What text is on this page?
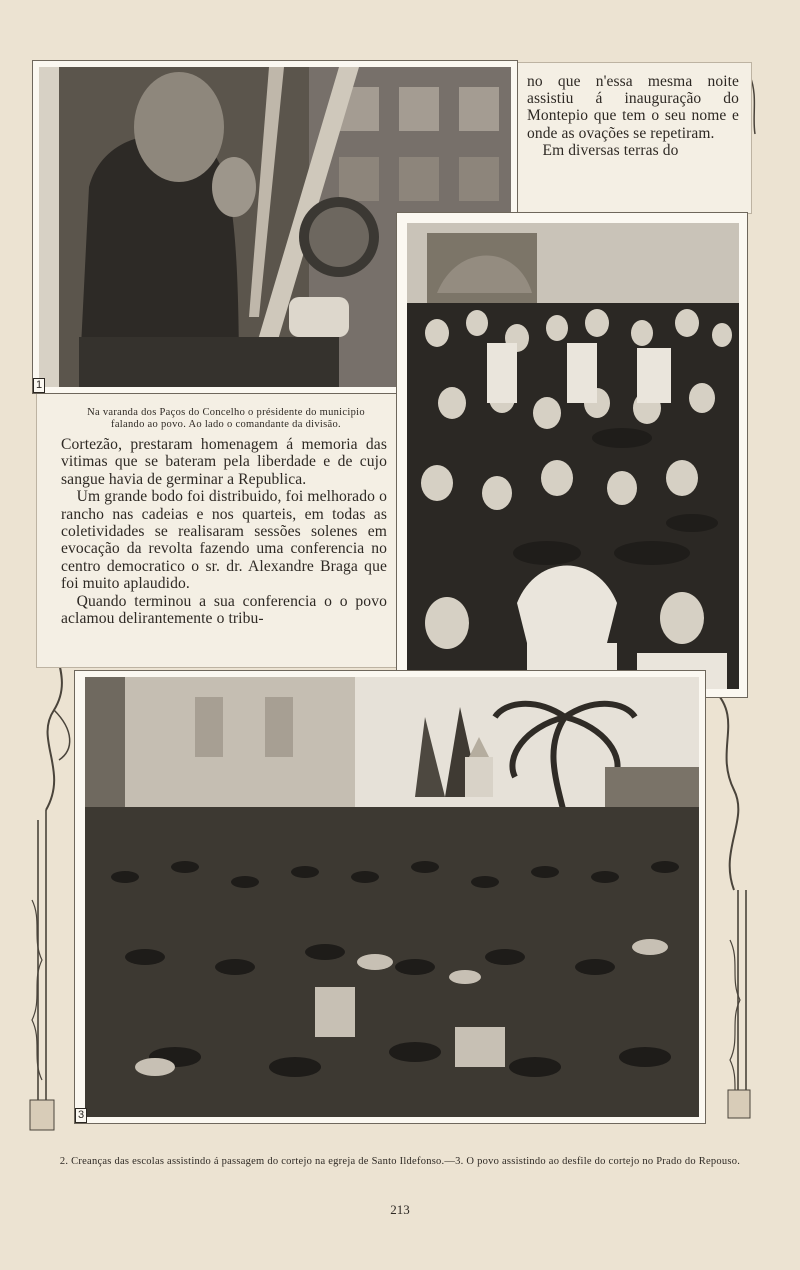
no que n'essa mesma noite assistiu á inauguração do Montepio que tem o seu nome e onde as ovações se repetiram.

Em diversas terras do

Na varanda dos Paços do Concelho o présidente do municipio falando ao povo. Ao lado o comandante da divisão.

Cortezão, prestaram homenagem á memoria das vitimas que se bateram pela liberdade e de cujo sangue havia de germinar a Republica.

Um grande bodo foi distribuido, foi melhorado o rancho nas cadeias e nos quarteis, em todas as coletividades se realisaram sessões solenes em evocação da revolta fazendo uma conferencia no centro democratico o sr. dr. Alexandre Braga que foi muito aplaudido.

Quando terminou a sua conferencia o o povo aclamou delirantemente o tribu-

1
3
2. Creanças das escolas assistindo á passagem do cortejo na egreja de Santo Ildefonso.—3. O povo assistindo ao desfile do cortejo no Prado do Repouso.
213
